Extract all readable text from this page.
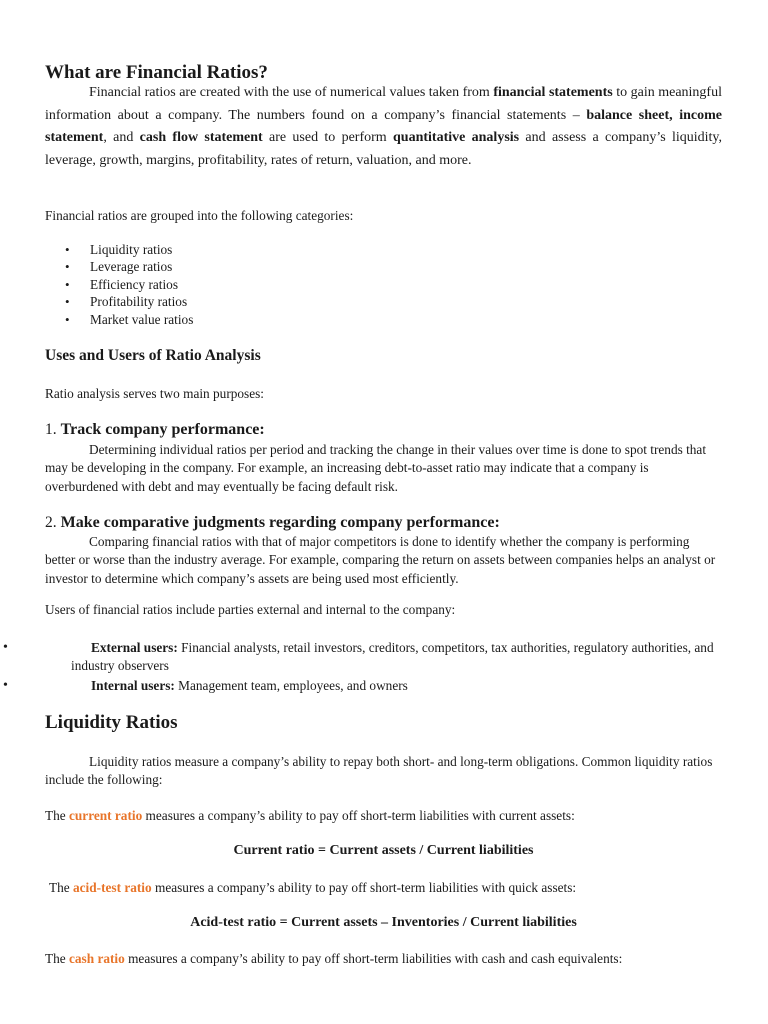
What are Financial Ratios?
Financial ratios are created with the use of numerical values taken from financial statements to gain meaningful information about a company. The numbers found on a company’s financial statements – balance sheet, income statement, and cash flow statement are used to perform quantitative analysis and assess a company’s liquidity, leverage, growth, margins, profitability, rates of return, valuation, and more.
Financial ratios are grouped into the following categories:
• Liquidity ratios
• Leverage ratios
• Efficiency ratios
• Profitability ratios
• Market value ratios
Uses and Users of Ratio Analysis
Ratio analysis serves two main purposes:
1. Track company performance:
Determining individual ratios per period and tracking the change in their values over time is done to spot trends that may be developing in the company. For example, an increasing debt-to-asset ratio may indicate that a company is overburdened with debt and may eventually be facing default risk.
2. Make comparative judgments regarding company performance:
Comparing financial ratios with that of major competitors is done to identify whether the company is performing better or worse than the industry average. For example, comparing the return on assets between companies helps an analyst or investor to determine which company’s assets are being used most efficiently.
Users of financial ratios include parties external and internal to the company:
•	External users: Financial analysts, retail investors, creditors, competitors, tax authorities, regulatory authorities, and industry observers
•	Internal users: Management team, employees, and owners
Liquidity Ratios
Liquidity ratios measure a company’s ability to repay both short- and long-term obligations. Common liquidity ratios include the following:
The current ratio measures a company’s ability to pay off short-term liabilities with current assets:
Current ratio = Current assets / Current liabilities
The acid-test ratio measures a company’s ability to pay off short-term liabilities with quick assets:
Acid-test ratio = Current assets – Inventories / Current liabilities
The cash ratio measures a company’s ability to pay off short-term liabilities with cash and cash equivalents:
